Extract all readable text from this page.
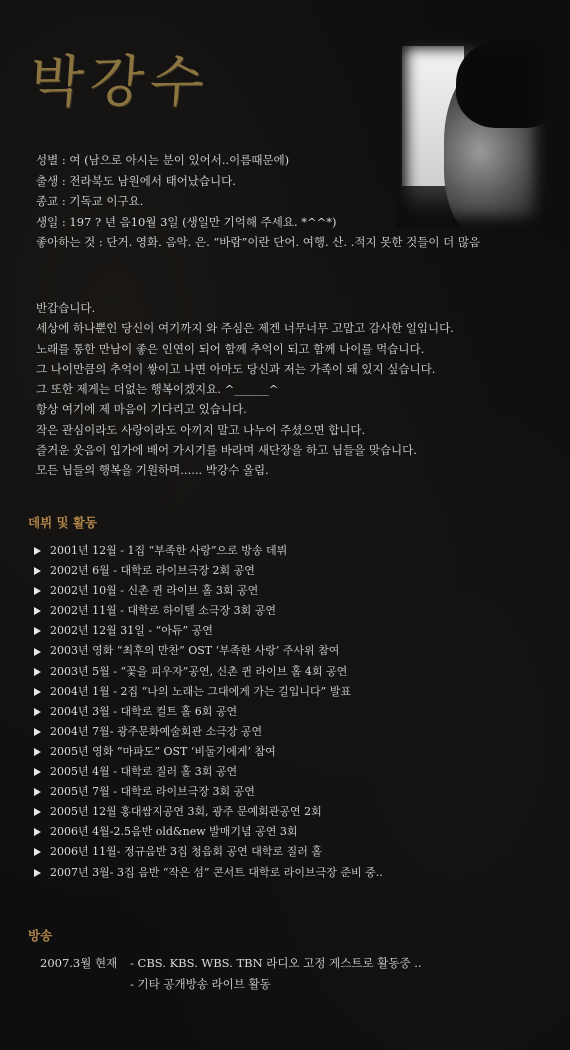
박강수
성별 : 여 (남으로 아시는 분이 있어서..이름때문에)
출생 : 전라북도 남원에서 태어났습니다.
종교 : 기독교 이구요.
생일 : 197 ? 년 음10월 3일 (생일만 기억해 주세요. *^^*)
좋아하는 것 : 단거. 영화. 음악. 은. “바람”이란 단어. 여행. 산. .적지 못한 것들이 더 많음
반갑습니다.
세상에 하나뿐인 당신이 여기까지 와 주심은 제겐 너무너무 고맙고 감사한 일입니다.
노래를 통한 만남이 좋은 인연이 되어 함께 추억이 되고 함께 나이를 먹습니다.
그 나이만큼의 추억이 쌓이고 나면 아마도 당신과 저는 가족이 돼 있지 싶습니다.
그 또한 제게는 더없는 행복이겠지요. ^______^
항상 여기에 제 마음이 기다리고 있습니다.
작은 관심이라도 사랑이라도 아끼지 말고 나누어 주셨으면 합니다.
즐거운 웃음이 입가에 배어 가시기를 바라며 새단장을 하고 님들을 맞습니다.
모든 님들의 행복을 기원하며...... 박강수 올림.
데뷔 및 활동
2001년 12월 - 1집 “부족한 사랑”으로 방송 데뷔
2002년 6월 - 대학로 라이브극장 2회 공연
2002년 10월 - 신촌 퀸 라이브 홀 3회 공연
2002년 11월 - 대학로 하이텔 소극장 3회 공연
2002년 12월 31일 - “아듀” 공연
2003년 영화 “최후의 만찬” OST ‘부족한 사랑’ 주사위 참여
2003년 5월 - “꽃을 피우자”공연, 신촌 퀸 라이브 홀 4회 공연
2004년 1월 - 2집 “나의 노래는 그대에게 가는 길입니다” 발표
2004년 3월 - 대학로 컬트 홀 6회 공연
2004년 7월- 광주문화예술회관 소극장 공연
2005년 영화 “마파도” OST ‘비둘기에게’ 참여
2005년 4월 - 대학로 질러 홀 3회 공연
2005년 7월 - 대학로 라이브극장 3회 공연
2005년 12월 홍대쌈지공연 3회, 광주 문예회관공연 2회
2006년 4월-2.5음반 old&new 발매기념 공연 3회
2006년 11월- 정규음반 3집 청음회 공연 대학로 질러 홀
2007년 3월- 3집 음반 “작은 섬” 콘서트 대학로 라이브극장 준비 중..
방송
2007.3월 현재	- CBS. KBS. WBS. TBN 라디오 고정 게스트로 활동중 ..
- 기타 공개방송 라이브 활동
